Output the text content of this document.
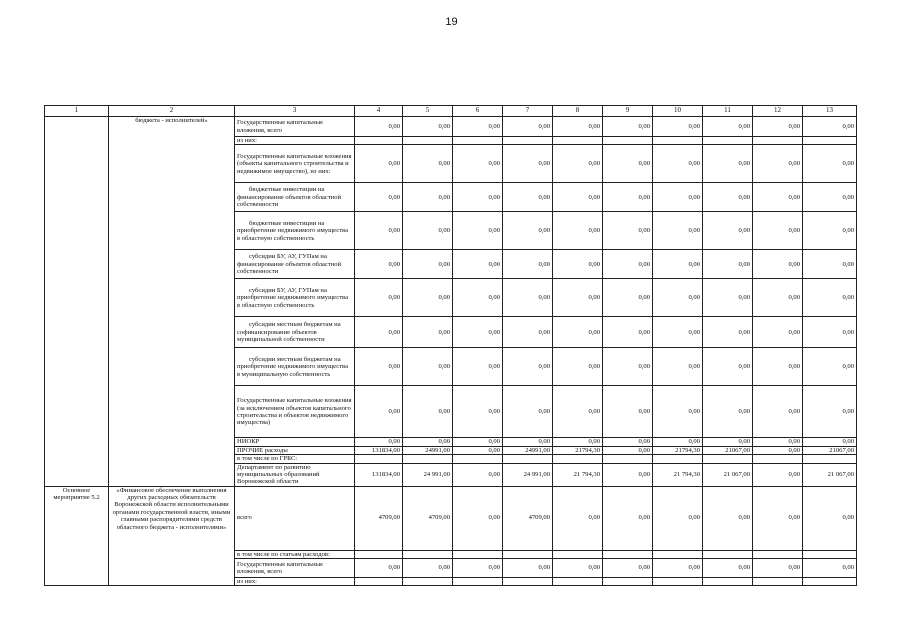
19
1	2	3	4	5	6	7	8	9	10	11	12	13
	бюджета - исполнителей»	Государственные капитальные вложения, всего	0,00	0,00	0,00	0,00	0,00	0,00	0,00	0,00	0,00	0,00
		из них:										
		Государственные капитальные вложения (объекты капитального строительства и недвижимое имущество), из них:	0,00	0,00	0,00	0,00	0,00	0,00	0,00	0,00	0,00	0,00
		бюджетные инвестиции на финансирование объектов областной собственности	0,00	0,00	0,00	0,00	0,00	0,00	0,00	0,00	0,00	0,00
		бюджетные инвестиции на приобретение недвижимого имущества в областную собственность	0,00	0,00	0,00	0,00	0,00	0,00	0,00	0,00	0,00	0,00
		субсидии БУ, АУ, ГУПам на финансирование объектов областной собственности	0,00	0,00	0,00	0,00	0,00	0,00	0,00	0,00	0,00	0,00
		субсидии БУ, АУ, ГУПам на приобретение недвижимого имущества в областную собственность	0,00	0,00	0,00	0,00	0,00	0,00	0,00	0,00	0,00	0,00
		субсидии местным бюджетам на софинансирование объектов муниципальной собственности	0,00	0,00	0,00	0,00	0,00	0,00	0,00	0,00	0,00	0,00
		субсидии местным бюджетам на приобретение недвижимого имущества в муниципальную собственность	0,00	0,00	0,00	0,00	0,00	0,00	0,00	0,00	0,00	0,00
		Государственные капитальные вложения (за исключением объектов капитального строительства и объектов недвижимого имущества)	0,00	0,00	0,00	0,00	0,00	0,00	0,00	0,00	0,00	0,00
		НИОКР	0,00	0,00	0,00	0,00	0,00	0,00	0,00	0,00	0,00	0,00
		ПРОЧИЕ расходы	131834,00	24991,00	0,00	24991,00	21794,30	0,00	21794,30	21067,00	0,00	21067,00
		в том числе по ГРБС:										
		Департамент по развитию муниципальных образований Воронежской области	131834,00	24 991,00	0,00	24 991,00	21 794,30	0,00	21 794,30	21 067,00	0,00	21 067,00
Основное мероприятие 5.2	«Финансовое обеспечение выполнения других расходных обязательств Воронежской области исполнительными органами государственной власти, иными главными распорядителями средств областного бюджета - исполнителями»	всего	4709,00	4709,00	0,00	4709,00	0,00	0,00	0,00	0,00	0,00	0,00
		в том числе по статьям расходов:										
		Государственные капитальные вложения, всего	0,00	0,00	0,00	0,00	0,00	0,00	0,00	0,00	0,00	0,00
		из них:										
